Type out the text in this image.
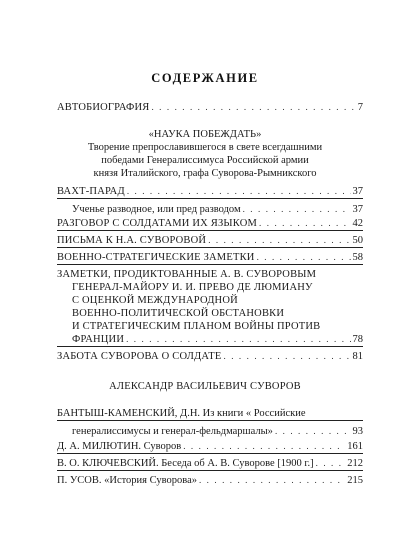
СОДЕРЖАНИЕ
АВТОБИОГРАФИЯ . . .	7
«НАУКА ПОБЕЖДАТЬ»
Творение препрославившегося в свете всегдашними
победами Генералиссимуса Российской армии
князя Италийского, графа Суворова-Рымникского
ВАХТ-ПАРАД . . .	37
Ученье разводное, или пред разводом . . .	37
РАЗГОВОР С СОЛДАТАМИ ИХ ЯЗЫКОМ . . .	42
ПИСЬМА К Н.А. СУВОРОВОЙ . . .	50
ВОЕННО-СТРАТЕГИЧЕСКИЕ ЗАМЕТКИ . . .	58
ЗАМЕТКИ, ПРОДИКТОВАННЫЕ А. В. СУВОРОВЫМ
ГЕНЕРАЛ-МАЙОРУ И. И. ПРЕВО ДЕ ЛЮМИАНУ
С ОЦЕНКОЙ МЕЖДУНАРОДНОЙ
ВОЕННО-ПОЛИТИЧЕСКОЙ ОБСТАНОВКИ
И СТРАТЕГИЧЕСКИМ ПЛАНОМ ВОЙНЫ ПРОТИВ
ФРАНЦИИ . . .	78
ЗАБОТА СУВОРОВА О СОЛДАТЕ . . .	81
АЛЕКСАНДР ВАСИЛЬЕВИЧ СУВОРОВ
БАНТЫШ-КАМЕНСКИЙ, Д.Н. Из книги « Российские
генералиссимусы и генерал-фельдмаршалы» . . .	93
Д. А. МИЛЮТИН. Суворов . . .	161
В. О. КЛЮЧЕВСКИЙ. Беседа об А. В. Суворове [1900 г.] . . .	212
П. УСОВ. «История Суворова» . . .	215
